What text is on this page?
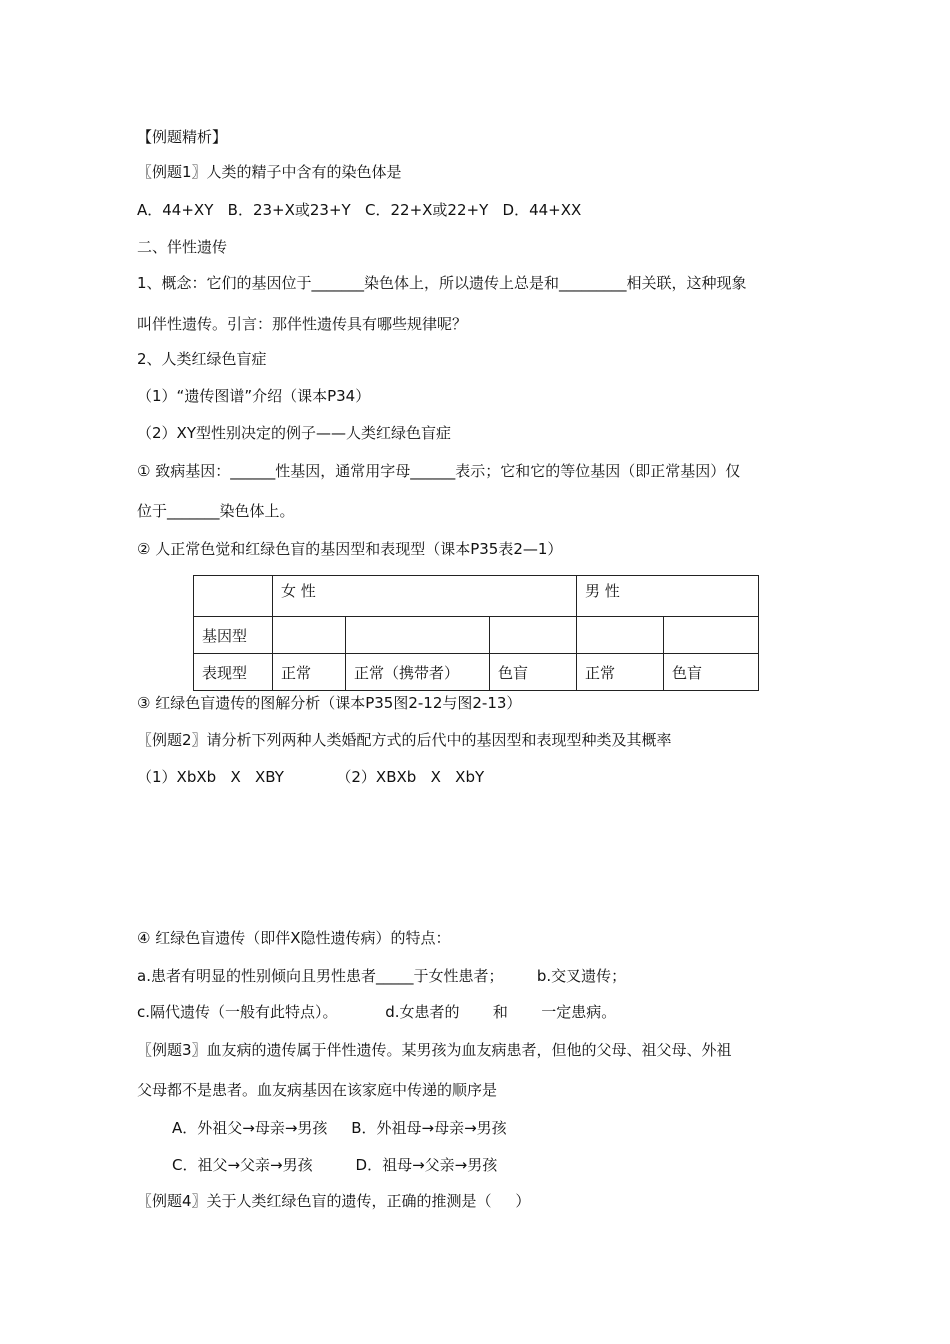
【例题精析】
〖例题1〗人类的精子中含有的染色体是
A．44+XY   B．23+X或23+Y   C．22+X或22+Y   D．44+XX
二、伴性遗传
1、概念：它们的基因位于_______染色体上，所以遗传上总是和_________相关联，这种现象
叫伴性遗传。引言：那伴性遗传具有哪些规律呢？
2、人类红绿色盲症
（1）“遗传图谱”介绍（课本P34）
（2）XY型性别决定的例子——人类红绿色盲症
① 致病基因：______性基因，通常用字母______表示；它和它的等位基因（即正常基因）仅
位于_______染色体上。
② 人正常色觉和红绿色盲的基因型和表现型（课本P35表2—1）
	女 性			男 性	
基因型					
表现型	正常	正常（携带者）	色盲	正常	色盲
③ 红绿色盲遗传的图解分析（课本P35图2-12与图2-13）
〖例题2〗请分析下列两种人类婚配方式的后代中的基因型和表现型种类及其概率
（1）XbXb   X   XBY           （2）XBXb   X   XbY
④ 红绿色盲遗传（即伴X隐性遗传病）的特点：
a.患者有明显的性别倾向且男性患者_____于女性患者；       b.交叉遗传；
c.隔代遗传（一般有此特点）。          d.女患者的       和       一定患病。
〖例题3〗血友病的遗传属于伴性遗传。某男孩为血友病患者，但他的父母、祖父母、外祖
父母都不是患者。血友病基因在该家庭中传递的顺序是
A．外祖父→母亲→男孩     B．外祖母→母亲→男孩
C．祖父→父亲→男孩         D．祖母→父亲→男孩
〖例题4〗关于人类红绿色盲的遗传，正确的推测是（     ）
